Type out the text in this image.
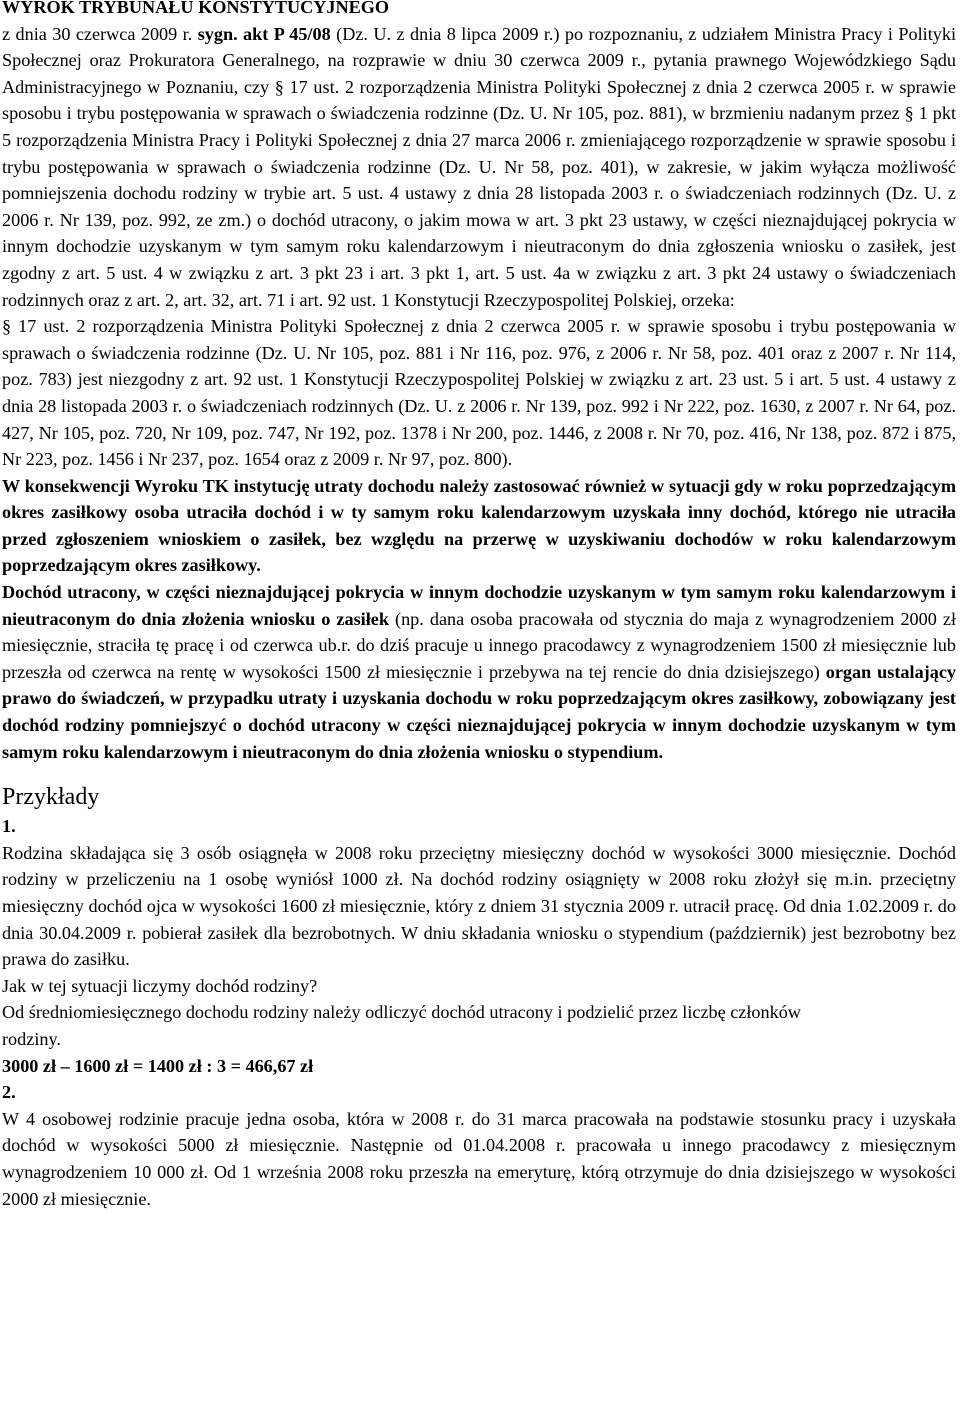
WYROK TRYBUNAŁU KONSTYTUCYJNEGO

z dnia 30 czerwca 2009 r. sygn. akt P 45/08 (Dz. U. z dnia 8 lipca 2009 r.) po rozpoznaniu, z udziałem Ministra Pracy i Polityki Społecznej oraz Prokuratora Generalnego, na rozprawie w dniu 30 czerwca 2009 r., pytania prawnego Wojewódzkiego Sądu Administracyjnego w Poznaniu, czy § 17 ust. 2 rozporządzenia Ministra Polityki Społecznej z dnia 2 czerwca 2005 r. w sprawie sposobu i trybu postępowania w sprawach o świadczenia rodzinne (Dz. U. Nr 105, poz. 881), w brzmieniu nadanym przez § 1 pkt 5 rozporządzenia Ministra Pracy i Polityki Społecznej z dnia 27 marca 2006 r. zmieniającego rozporządzenie w sprawie sposobu i trybu postępowania w sprawach o świadczenia rodzinne (Dz. U. Nr 58, poz. 401), w zakresie, w jakim wyłącza możliwość pomniejszenia dochodu rodziny w trybie art. 5 ust. 4 ustawy z dnia 28 listopada 2003 r. o świadczeniach rodzinnych (Dz. U. z 2006 r. Nr 139, poz. 992, ze zm.) o dochód utracony, o jakim mowa w art. 3 pkt 23 ustawy, w części nieznajdującej pokrycia w innym dochodzie uzyskanym w tym samym roku kalendarzowym i nieutraconym do dnia zgłoszenia wniosku o zasiłek, jest zgodny z art. 5 ust. 4 w związku z art. 3 pkt 23 i art. 3 pkt 1, art. 5 ust. 4a w związku z art. 3 pkt 24 ustawy o świadczeniach rodzinnych oraz z art. 2, art. 32, art. 71 i art. 92 ust. 1 Konstytucji Rzeczypospolitej Polskiej, orzeka:

§ 17 ust. 2 rozporządzenia Ministra Polityki Społecznej z dnia 2 czerwca 2005 r. w sprawie sposobu i trybu postępowania w sprawach o świadczenia rodzinne (Dz. U. Nr 105, poz. 881 i Nr 116, poz. 976, z 2006 r. Nr 58, poz. 401 oraz z 2007 r. Nr 114, poz. 783) jest niezgodny z art. 92 ust. 1 Konstytucji Rzeczypospolitej Polskiej w związku z art. 23 ust. 5 i art. 5 ust. 4 ustawy z dnia 28 listopada 2003 r. o świadczeniach rodzinnych (Dz. U. z 2006 r. Nr 139, poz. 992 i Nr 222, poz. 1630, z 2007 r. Nr 64, poz. 427, Nr 105, poz. 720, Nr 109, poz. 747, Nr 192, poz. 1378 i Nr 200, poz. 1446, z 2008 r. Nr 70, poz. 416, Nr 138, poz. 872 i 875, Nr 223, poz. 1456 i Nr 237, poz. 1654 oraz z 2009 r. Nr 97, poz. 800).

W konsekwencji Wyroku TK instytucję utraty dochodu należy zastosować również w sytuacji gdy w roku poprzedzającym okres zasiłkowy osoba utraciła dochód i w ty samym roku kalendarzowym uzyskała inny dochód, którego nie utraciła przed zgłoszeniem wnioskiem o zasiłek, bez względu na przerwę w uzyskiwaniu dochodów w roku kalendarzowym poprzedzającym okres zasiłkowy.

Dochód utracony, w części nieznajdującej pokrycia w innym dochodzie uzyskanym w tym samym roku kalendarzowym i nieutraconym do dnia złożenia wniosku o zasiłek (np. dana osoba pracowała od stycznia do maja z wynagrodzeniem 2000 zł miesięcznie, straciła tę pracę i od czerwca ub.r. do dziś pracuje u innego pracodawcy z wynagrodzeniem 1500 zł miesięcznie lub przeszła od czerwca na rentę w wysokości 1500 zł miesięcznie i przebywa na tej rencie do dnia dzisiejszego) organ ustalający prawo do świadczeń, w przypadku utraty i uzyskania dochodu w roku poprzedzającym okres zasiłkowy, zobowiązany jest dochód rodziny pomniejszyć o dochód utracony w części nieznajdującej pokrycia w innym dochodzie uzyskanym w tym samym roku kalendarzowym i nieutraconym do dnia złożenia wniosku o stypendium.

Przykłady

1.

Rodzina składająca się 3 osób osiągnęła w 2008 roku przeciętny miesięczny dochód w wysokości 3000 miesięcznie. Dochód rodziny w przeliczeniu na 1 osobę wyniósł 1000 zł. Na dochód rodziny osiągnięty w 2008 roku złożył się m.in. przeciętny miesięczny dochód ojca w wysokości 1600 zł miesięcznie, który z dniem 31 stycznia 2009 r. utracił pracę. Od dnia 1.02.2009 r. do dnia 30.04.2009 r. pobierał zasiłek dla bezrobotnych. W dniu składania wniosku o stypendium (październik) jest bezrobotny bez prawa do zasiłku.

Jak w tej sytuacji liczymy dochód rodziny?

Od średniomiesięcznego dochodu rodziny należy odliczyć dochód utracony i podzielić przez liczbę członków rodziny.

3000 zł – 1600 zł = 1400 zł : 3 = 466,67 zł

2.

W 4 osobowej rodzinie pracuje jedna osoba, która w 2008 r. do 31 marca pracowała na podstawie stosunku pracy i uzyskała dochód w wysokości 5000 zł miesięcznie. Następnie od 01.04.2008 r. pracowała u innego pracodawcy z miesięcznym wynagrodzeniem 10 000 zł. Od 1 września 2008 roku przeszła na emeryturę, którą otrzymuje do dnia dzisiejszego w wysokości 2000 zł miesięcznie.
